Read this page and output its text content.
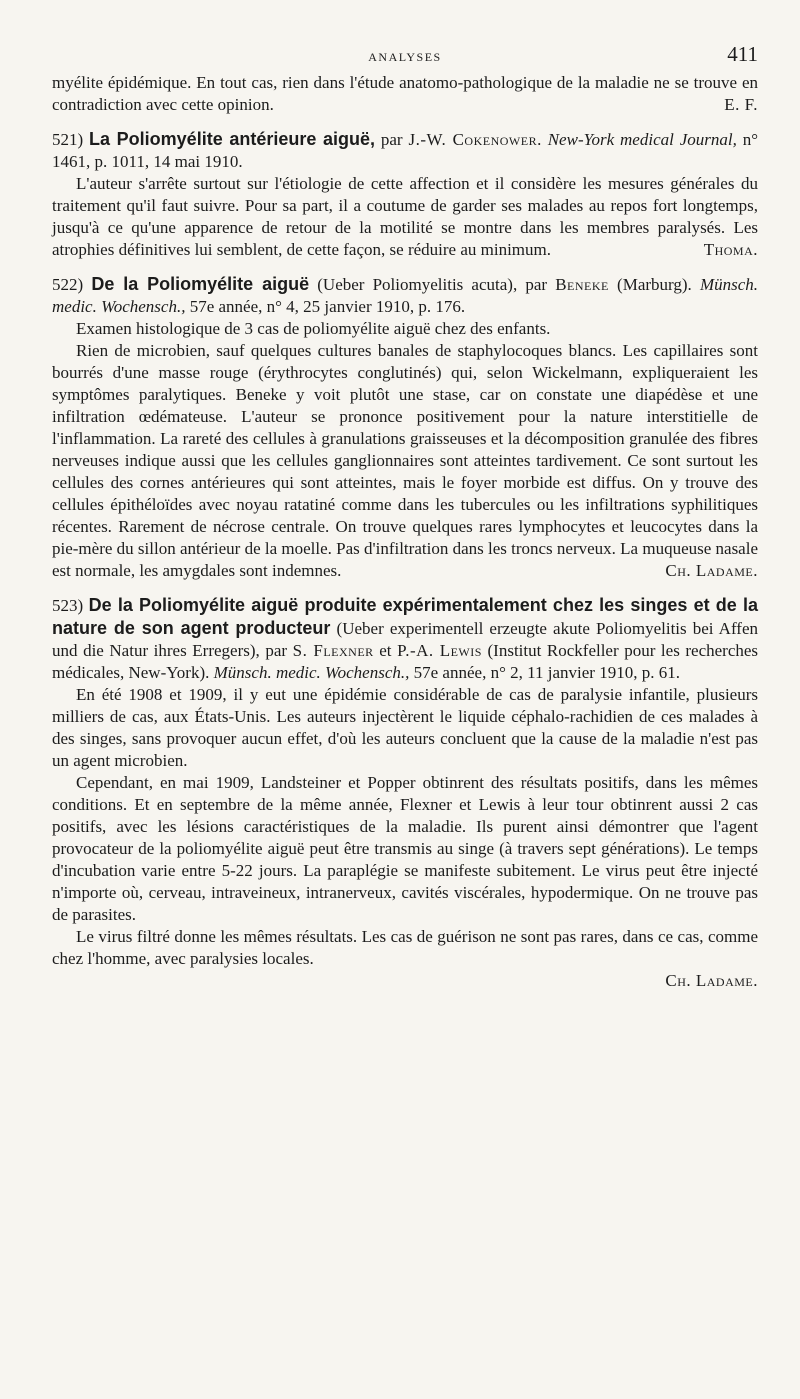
ANALYSES	411

myélite épidémique. En tout cas, rien dans l'étude anatomo-pathologique de la maladie ne se trouve en contradiction avec cette opinion.	E. F.

521) La Poliomyélite antérieure aiguë, par J.-W. Cokenower. New-York medical Journal, n° 1461, p. 1011, 14 mai 1910.

L'auteur s'arrête surtout sur l'étiologie de cette affection et il considère les mesures générales du traitement qu'il faut suivre. Pour sa part, il a coutume de garder ses malades au repos fort longtemps, jusqu'à ce qu'une apparence de retour de la motilité se montre dans les membres paralysés. Les atrophies définitives lui semblent, de cette façon, se réduire au minimum.	Thoma.

522) De la Poliomyélite aiguë (Ueber Poliomyelitis acuta), par Beneke (Marburg). Münsch. medic. Wochensch., 57e année, n° 4, 25 janvier 1910, p. 176.

Examen histologique de 3 cas de poliomyélite aiguë chez des enfants.

Rien de microbien, sauf quelques cultures banales de staphylocoques blancs. Les capillaires sont bourrés d'une masse rouge (érythrocytes conglutinés) qui, selon Wickelmann, expliqueraient les symptômes paralytiques. Beneke y voit plutôt une stase, car on constate une diapédèse et une infiltration œdémateuse. L'auteur se prononce positivement pour la nature interstitielle de l'inflammation. La rareté des cellules à granulations graisseuses et la décomposition granulée des fibres nerveuses indique aussi que les cellules ganglionnaires sont atteintes tardivement. Ce sont surtout les cellules des cornes antérieures qui sont atteintes, mais le foyer morbide est diffus. On y trouve des cellules épithéloïdes avec noyau ratatiné comme dans les tubercules ou les infiltrations syphilitiques récentes. Rarement de nécrose centrale. On trouve quelques rares lymphocytes et leucocytes dans la pie-mère du sillon antérieur de la moelle. Pas d'infiltration dans les troncs nerveux. La muqueuse nasale est normale, les amygdales sont indemnes.	Ch. Ladame.

523) De la Poliomyélite aiguë produite expérimentalement chez les singes et de la nature de son agent producteur (Ueber experimentell erzeugte akute Poliomyelitis bei Affen und die Natur ihres Erregers), par S. Flexner et P.-A. Lewis (Institut Rockfeller pour les recherches médicales, New-York). Münsch. medic. Wochensch., 57e année, n° 2, 11 janvier 1910, p. 61.

En été 1908 et 1909, il y eut une épidémie considérable de cas de paralysie infantile, plusieurs milliers de cas, aux États-Unis. Les auteurs injectèrent le liquide céphalo-rachidien de ces malades à des singes, sans provoquer aucun effet, d'où les auteurs concluent que la cause de la maladie n'est pas un agent microbien.

Cependant, en mai 1909, Landsteiner et Popper obtinrent des résultats positifs, dans les mêmes conditions. Et en septembre de la même année, Flexner et Lewis à leur tour obtinrent aussi 2 cas positifs, avec les lésions caractéristiques de la maladie. Ils purent ainsi démontrer que l'agent provocateur de la poliomyélite aiguë peut être transmis au singe (à travers sept générations). Le temps d'incubation varie entre 5-22 jours. La paraplégie se manifeste subitement. Le virus peut être injecté n'importe où, cerveau, intraveineux, intranerveux, cavités viscérales, hypodermique. On ne trouve pas de parasites.

Le virus filtré donne les mêmes résultats. Les cas de guérison ne sont pas rares, dans ce cas, comme chez l'homme, avec paralysies locales.

Ch. Ladame.
